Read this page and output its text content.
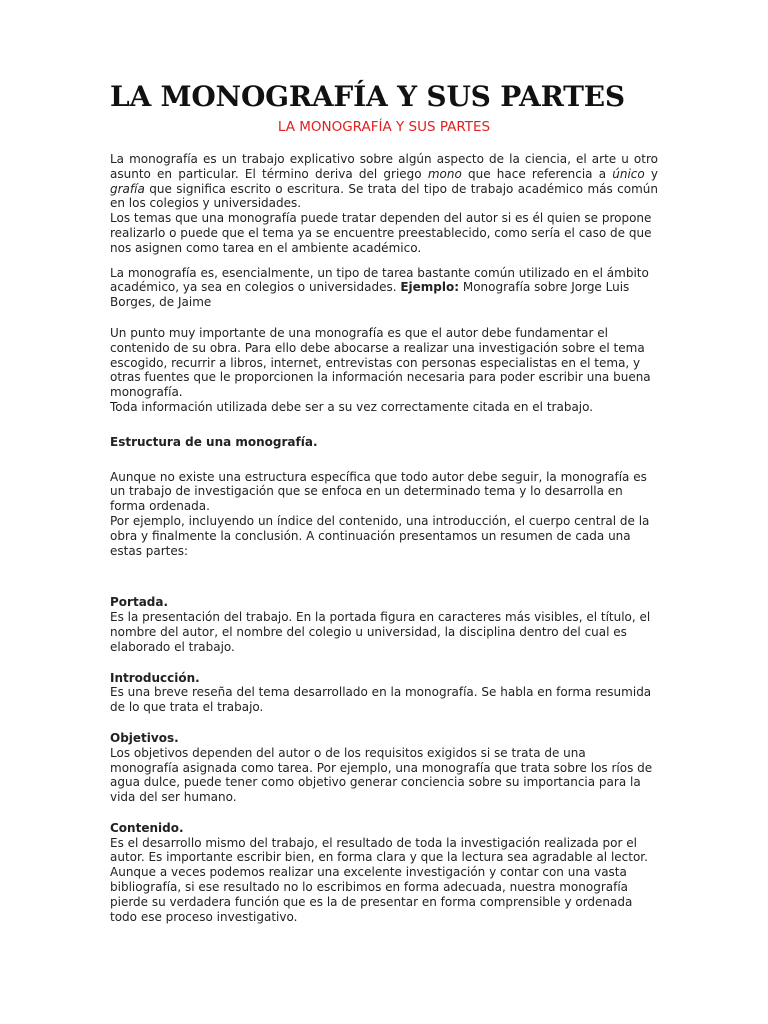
LA MONOGRAFÍA Y SUS PARTES
LA MONOGRAFÍA Y SUS PARTES

La monografía es un trabajo explicativo sobre algún aspecto de la ciencia, el arte u otro asunto en particular. El término deriva del griego mono que hace referencia a único y grafía que significa escrito o escritura. Se trata del tipo de trabajo académico más común en los colegios y universidades.

Los temas que una monografía puede tratar dependen del autor si es él quien se propone realizarlo o puede que el tema ya se encuentre preestablecido, como sería el caso de que nos asignen como tarea en el ambiente académico.

La monografía es, esencialmente, un tipo de tarea bastante común utilizado en el ámbito académico, ya sea en colegios o universidades. Ejemplo: Monografía sobre Jorge Luis Borges, de Jaime

Un punto muy importante de una monografía es que el autor debe fundamentar el contenido de su obra. Para ello debe abocarse a realizar una investigación sobre el tema escogido, recurrir a libros, internet, entrevistas con personas especialistas en el tema, y otras fuentes que le proporcionen la información necesaria para poder escribir una buena monografía.

Toda información utilizada debe ser a su vez correctamente citada en el trabajo.

Estructura de una monografía.

Aunque no existe una estructura específica que todo autor debe seguir, la monografía es un trabajo de investigación que se enfoca en un determinado tema y lo desarrolla en forma ordenada.

Por ejemplo, incluyendo un índice del contenido, una introducción, el cuerpo central de la obra y finalmente la conclusión. A continuación presentamos un resumen de cada una estas partes:

Portada.

Es la presentación del trabajo. En la portada figura en caracteres más visibles, el título, el nombre del autor, el nombre del colegio u universidad, la disciplina dentro del cual es elaborado el trabajo.

Introducción.

Es una breve reseña del tema desarrollado en la monografía. Se habla en forma resumida de lo que trata el trabajo.

Objetivos.

Los objetivos dependen del autor o de los requisitos exigidos si se trata de una monografía asignada como tarea. Por ejemplo, una monografía que trata sobre los ríos de agua dulce, puede tener como objetivo generar conciencia sobre su importancia para la vida del ser humano.

Contenido.

Es el desarrollo mismo del trabajo, el resultado de toda la investigación realizada por el autor. Es importante escribir bien, en forma clara y que la lectura sea agradable al lector.

Aunque a veces podemos realizar una excelente investigación y contar con una vasta bibliografía, si ese resultado no lo escribimos en forma adecuada, nuestra monografía pierde su verdadera función que es la de presentar en forma comprensible y ordenada todo ese proceso investigativo.
